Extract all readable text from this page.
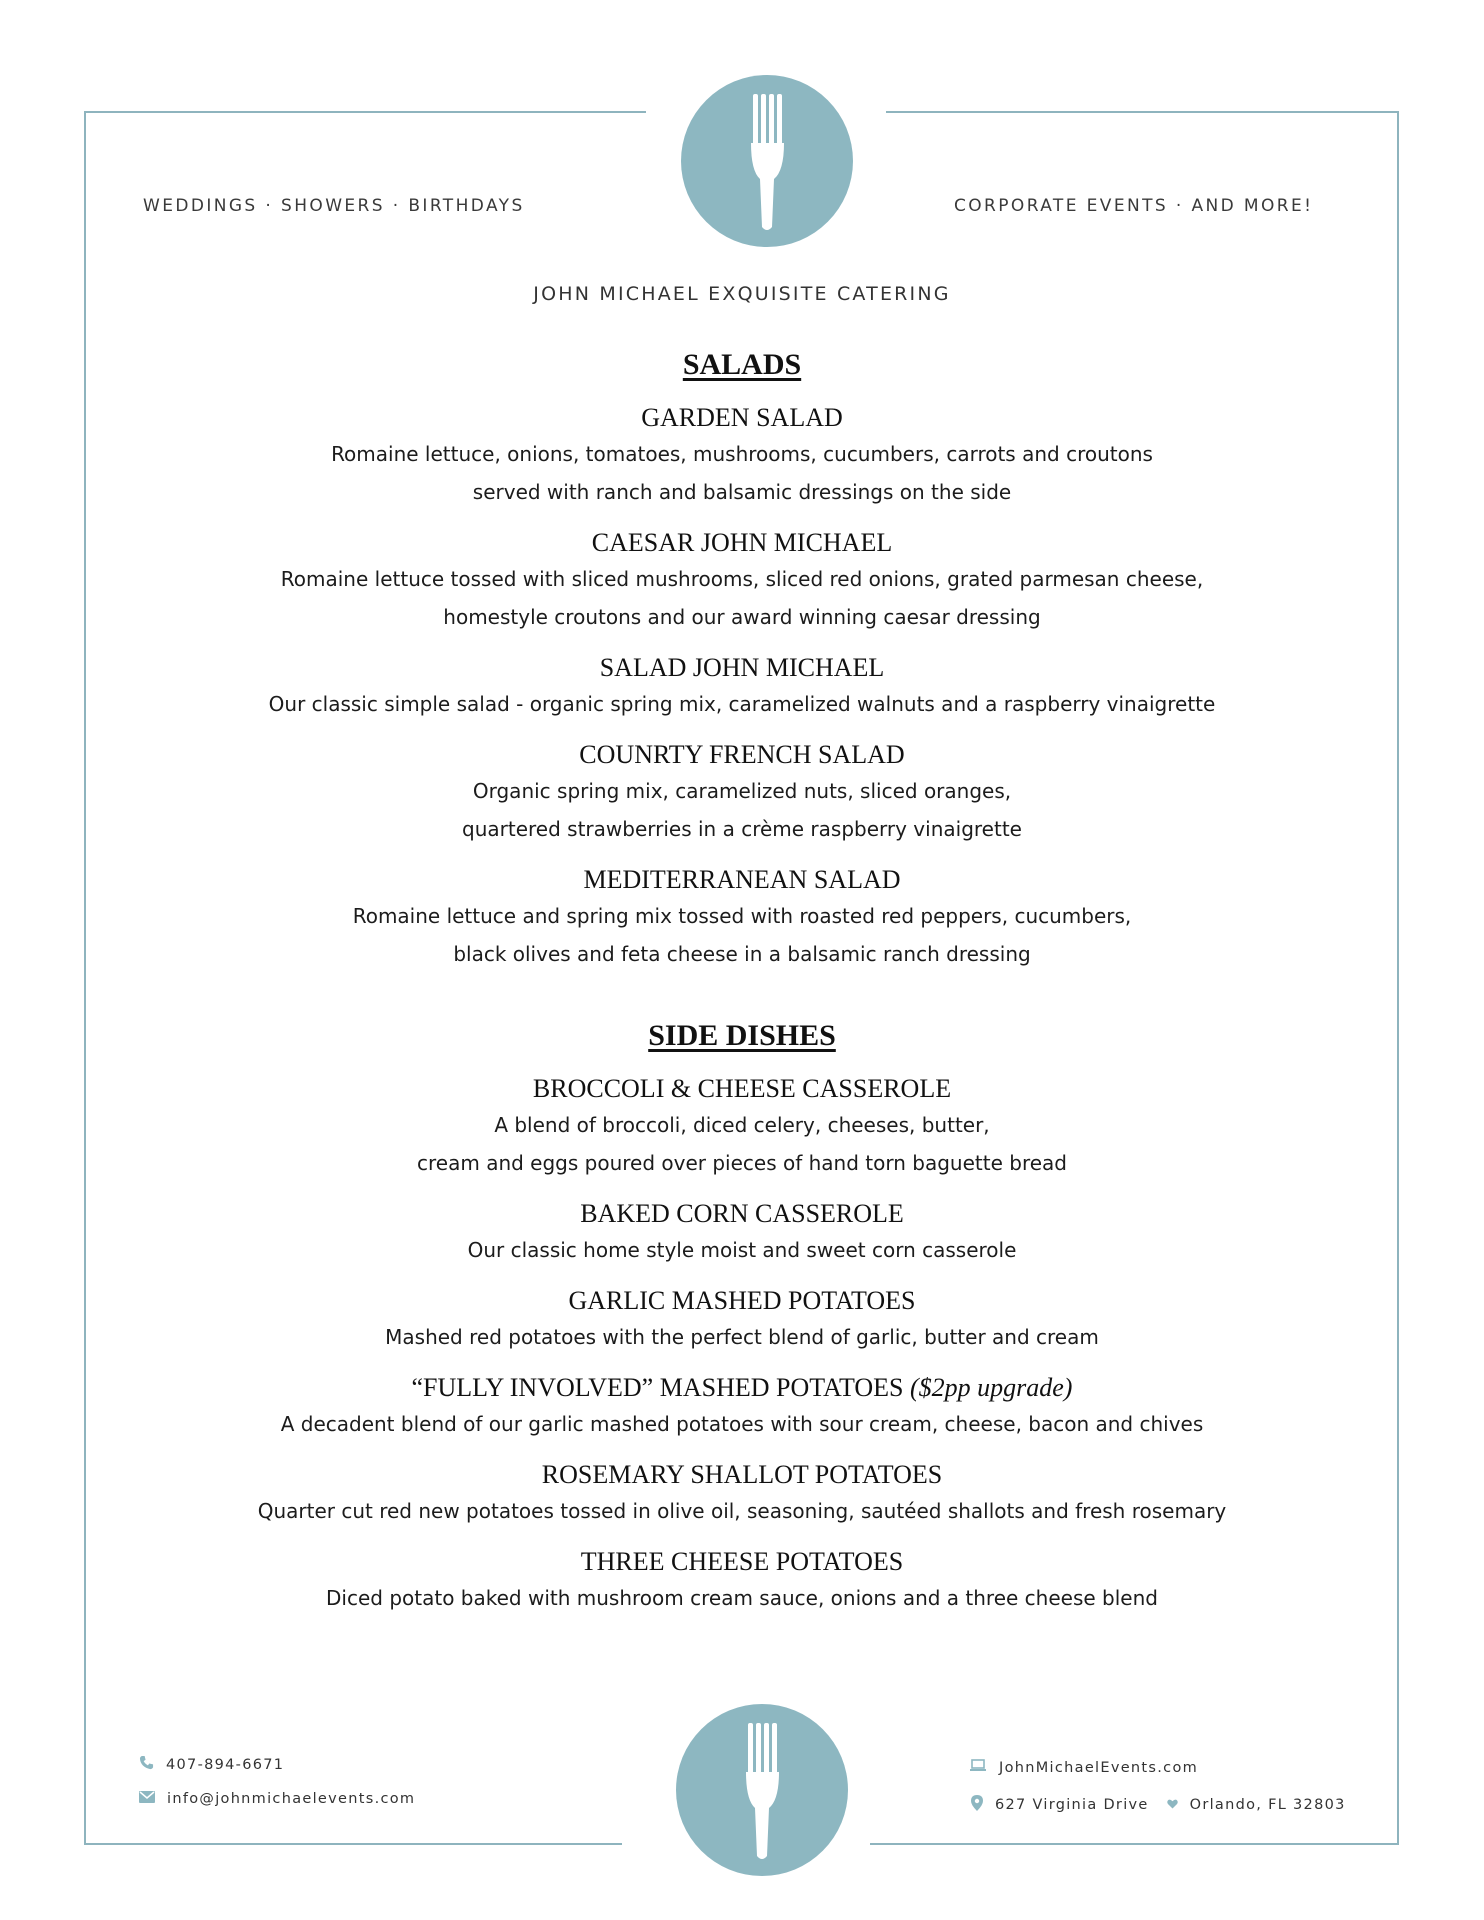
WEDDINGS · SHOWERS · BIRTHDAYS	CORPORATE EVENTS · AND MORE!
JOHN MICHAEL EXQUISITE CATERING
SALADS
GARDEN SALAD
Romaine lettuce, onions, tomatoes, mushrooms, cucumbers, carrots and croutons
served with ranch and balsamic dressings on the side
CAESAR JOHN MICHAEL
Romaine lettuce tossed with sliced mushrooms, sliced red onions, grated parmesan cheese,
homestyle croutons and our award winning caesar dressing
SALAD JOHN MICHAEL
Our classic simple salad - organic spring mix, caramelized walnuts and a raspberry vinaigrette
COUNRTY FRENCH SALAD
Organic spring mix, caramelized nuts, sliced oranges,
quartered strawberries in a crème raspberry vinaigrette
MEDITERRANEAN SALAD
Romaine lettuce and spring mix tossed with roasted red peppers, cucumbers,
black olives and feta cheese in a balsamic ranch dressing
SIDE DISHES
BROCCOLI & CHEESE CASSEROLE
A blend of broccoli, diced celery, cheeses, butter,
cream and eggs poured over pieces of hand torn baguette bread
BAKED CORN CASSEROLE
Our classic home style moist and sweet corn casserole
GARLIC MASHED POTATOES
Mashed red potatoes with the perfect blend of garlic, butter and cream
“FULLY INVOLVED” MASHED POTATOES ($2pp upgrade)
A decadent blend of our garlic mashed potatoes with sour cream, cheese, bacon and chives
ROSEMARY SHALLOT POTATOES
Quarter cut red new potatoes tossed in olive oil, seasoning, sautéed shallots and fresh rosemary
THREE CHEESE POTATOES
Diced potato baked with mushroom cream sauce, onions and a three cheese blend
407-894-6671
info@johnmichaelevents.com
JohnMichaelEvents.com
627 Virginia Drive	Orlando, FL 32803
